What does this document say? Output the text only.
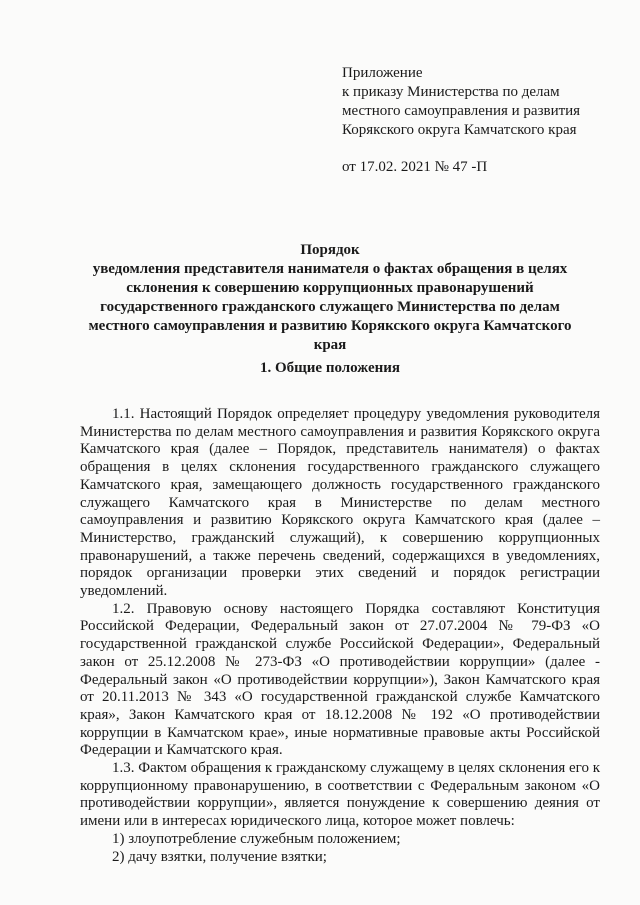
Приложение
к приказу Министерства по делам
местного самоуправления и развития
Корякского округа Камчатского края
от 17.02. 2021 № 47 -П
Порядок
уведомления представителя нанимателя о фактах обращения в целях
склонения к совершению коррупционных правонарушений
государственного гражданского служащего Министерства по делам
местного самоуправления и развитию Корякского округа Камчатского
края
1. Общие положения

1.1. Настоящий Порядок определяет процедуру уведомления руководителя Министерства по делам местного самоуправления и развития Корякского округа Камчатского края (далее – Порядок, представитель нанимателя) о фактах обращения в целях склонения государственного гражданского служащего Камчатского края, замещающего должность государственного гражданского служащего Камчатского края в Министерстве по делам местного самоуправления и развитию Корякского округа Камчатского края (далее – Министерство, гражданский служащий), к совершению коррупционных правонарушений, а также перечень сведений, содержащихся в уведомлениях, порядок организации проверки этих сведений и порядок регистрации уведомлений.

1.2. Правовую основу настоящего Порядка составляют Конституция Российской Федерации, Федеральный закон от 27.07.2004 № 79-ФЗ «О государственной гражданской службе Российской Федерации», Федеральный закон от 25.12.2008 № 273-ФЗ «О противодействии коррупции» (далее - Федеральный закон «О противодействии коррупции»), Закон Камчатского края от 20.11.2013 № 343 «О государственной гражданской службе Камчатского края», Закон Камчатского края от 18.12.2008 № 192 «О противодействии коррупции в Камчатском крае», иные нормативные правовые акты Российской Федерации и Камчатского края.

1.3. Фактом обращения к гражданскому служащему в целях склонения его к коррупционному правонарушению, в соответствии с Федеральным законом «О противодействии коррупции», является понуждение к совершению деяния от имени или в интересах юридического лица, которое может повлечь:

1) злоупотребление служебным положением;

2) дачу взятки, получение взятки;
